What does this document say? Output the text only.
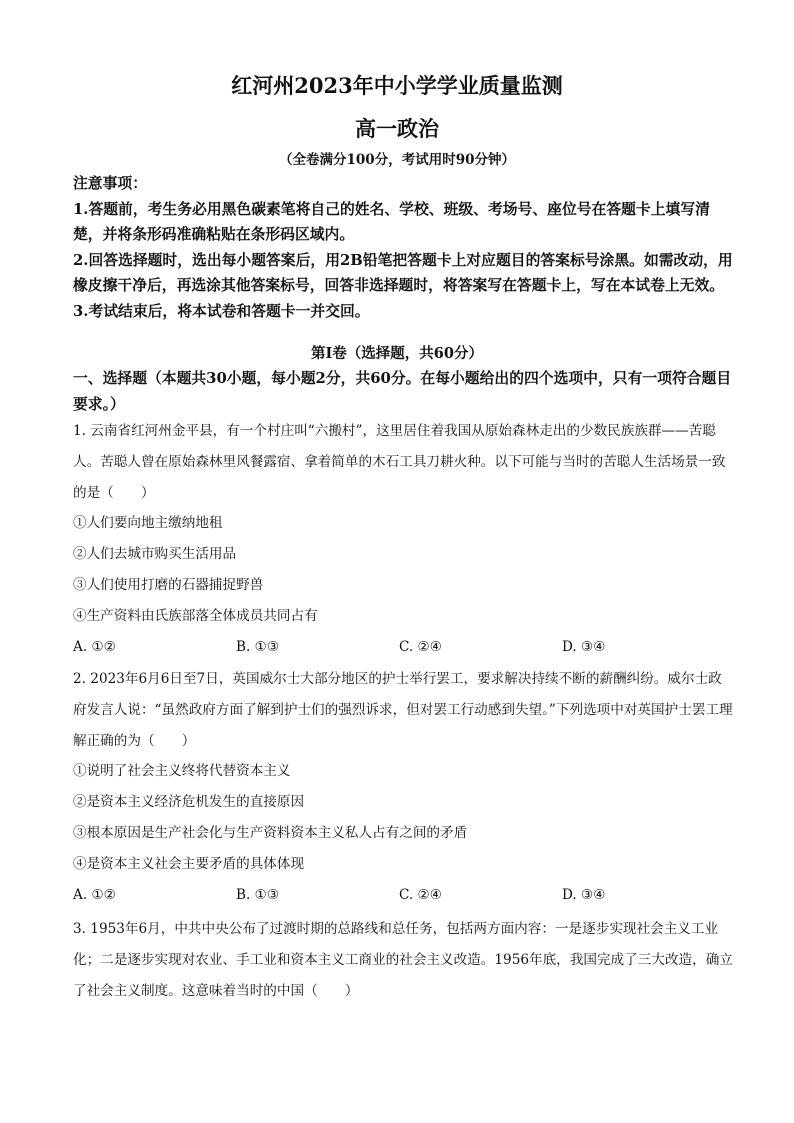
红河州2023年中小学学业质量监测
高一政治
（全卷满分100分，考试用时90分钟）

注意事项：

1.答题前，考生务必用黑色碳素笔将自己的姓名、学校、班级、考场号、座位号在答题卡上填写清楚，并将条形码准确粘贴在条形码区域内。

2.回答选择题时，选出每小题答案后，用2B铅笔把答题卡上对应题目的答案标号涂黑。如需改动，用橡皮擦干净后，再选涂其他答案标号，回答非选择题时，将答案写在答题卡上，写在本试卷上无效。

3.考试结束后，将本试卷和答题卡一并交回。

第Ⅰ卷（选择题，共60分）
一、选择题（本题共30小题，每小题2分，共60分。在每小题给出的四个选项中，只有一项符合题目要求。）

1. 云南省红河州金平县，有一个村庄叫“六搬村”，这里居住着我国从原始森林走出的少数民族族群——苦聪人。苦聪人曾在原始森林里风餐露宿、拿着简单的木石工具刀耕火种。以下可能与当时的苦聪人生活场景一致的是（　　）

①人们要向地主缴纳地租

②人们去城市购买生活用品

③人们使用打磨的石器捕捉野兽

④生产资料由氏族部落全体成员共同占有

A. ①②	B. ①③	C. ②④	D. ③④

2. 2023年6月6日至7日，英国威尔士大部分地区的护士举行罢工，要求解决持续不断的薪酬纠纷。威尔士政府发言人说：“虽然政府方面了解到护士们的强烈诉求，但对罢工行动感到失望。”下列选项中对英国护士罢工理解正确的为（　　）

①说明了社会主义终将代替资本主义

②是资本主义经济危机发生的直接原因

③根本原因是生产社会化与生产资料资本主义私人占有之间的矛盾

④是资本主义社会主要矛盾的具体体现

A. ①②	B. ①③	C. ②④	D. ③④

3. 1953年6月，中共中央公布了过渡时期的总路线和总任务，包括两方面内容：一是逐步实现社会主义工业化；二是逐步实现对农业、手工业和资本主义工商业的社会主义改造。1956年底，我国完成了三大改造，确立了社会主义制度。这意味着当时的中国（　　）
